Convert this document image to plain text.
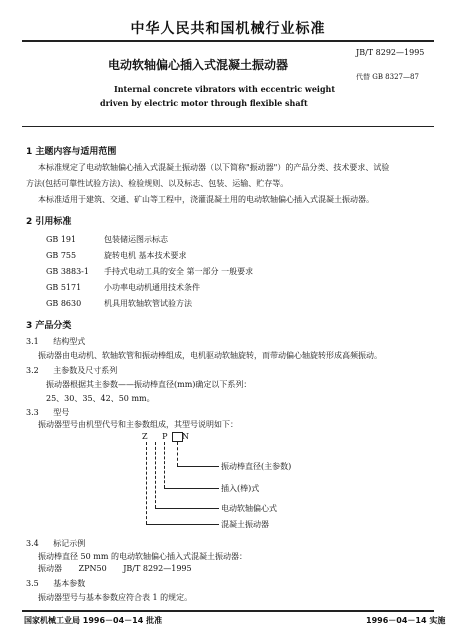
中华人民共和国机械行业标准
JB/T 8292—1995
电动软轴偏心插入式混凝土振动器
代替 GB 8327—87
Internal concrete vibrators with eccentric weight
driven by electric motor through flexible shaft
1 主题内容与适用范围
本标准规定了电动软轴偏心插入式混凝土振动器（以下简称"振动器"）的产品分类、技术要求、试验
方法(包括可靠性试验方法)、检验规则、以及标志、包装、运输、贮存等。
本标准适用于建筑、交通、矿山等工程中，浇灌混凝土用的电动软轴偏心插入式混凝土振动器。
2 引用标准
GB 191	包装储运图示标志
GB 755	旋转电机 基本技术要求
GB 3883-1 手持式电动工具的安全 第一部分 一般要求
GB 5171	小功率电动机通用技术条件
GB 8630	机具用软轴软管试验方法
3 产品分类
3.1 结构型式
振动器由电动机、软轴软管和振动棒组成，电机驱动软轴旋转，而带动偏心轴旋转形成高频振动。
3.2 主参数及尺寸系列
振动器根据其主参数——振动棒直径(mm)确定以下系列：
25、30、35、42、50 mm。
3.3 型号
振动器型号由机型代号和主参数组成，其型号说明如下：
Z P N
振动棒直径(主参数)
插入(棒)式
电动软轴偏心式
混凝土振动器
3.4 标记示例
振动棒直径 50 mm 的电动软轴偏心插入式混凝土振动器：
振动器 ZPN50 JB/T 8292—1995
3.5 基本参数
振动器型号与基本参数应符合表 1 的规定。
国家机械工业局 1996－04－14 批准	1996－04－14 实施
